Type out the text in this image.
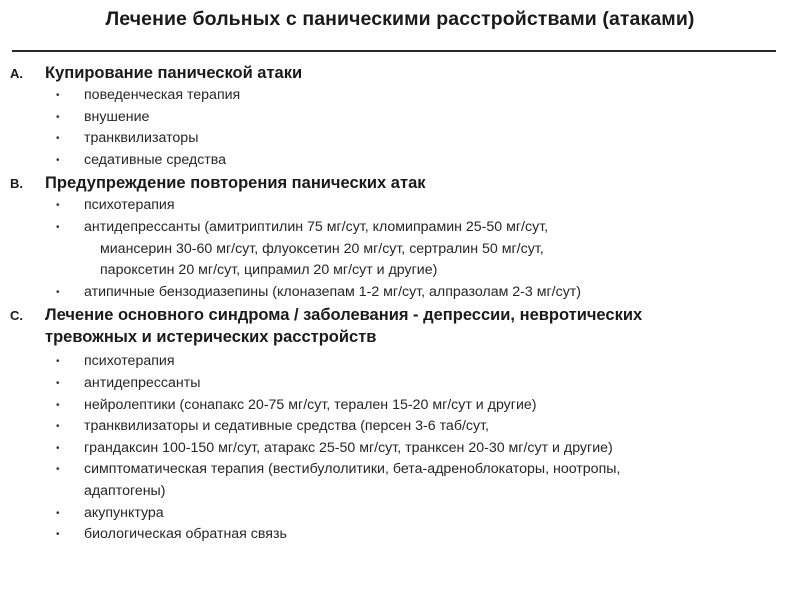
Лечение больных с паническими расстройствами (атаками)
A.	Купирование панической атаки
•	поведенческая терапия
•	внушение
•	транквилизаторы
•	седативные средства
B.	Предупреждение повторения панических атак
•	психотерапия
•	антидепрессанты (амитриптилин 75 мг/сут, кломипрамин 25-50 мг/сут,
миансерин 30-60 мг/сут, флуоксетин 20 мг/сут, сертралин 50 мг/сут,
пароксетин 20 мг/сут, ципрамил 20 мг/сут и другие)
•	атипичные бензодиазепины (клоназепам 1-2 мг/сут, алпразолам 2-3 мг/сут)
C.	Лечение основного синдрома / заболевания - депрессии, невротических
тревожных и истерических расстройств
•	психотерапия
•	антидепрессанты
•	нейролептики (сонапакс 20-75 мг/сут, терален 15-20 мг/сут и другие)
•	транквилизаторы и седативные средства (персен 3-6 таб/сут,
•	грандаксин 100-150 мг/сут, атаракс 25-50 мг/сут, транксен 20-30 мг/сут и другие)
•	симптоматическая терапия (вестибулолитики, бета-адреноблокаторы, ноотропы,
адаптогены)
•	акупунктура
•	биологическая обратная связь
